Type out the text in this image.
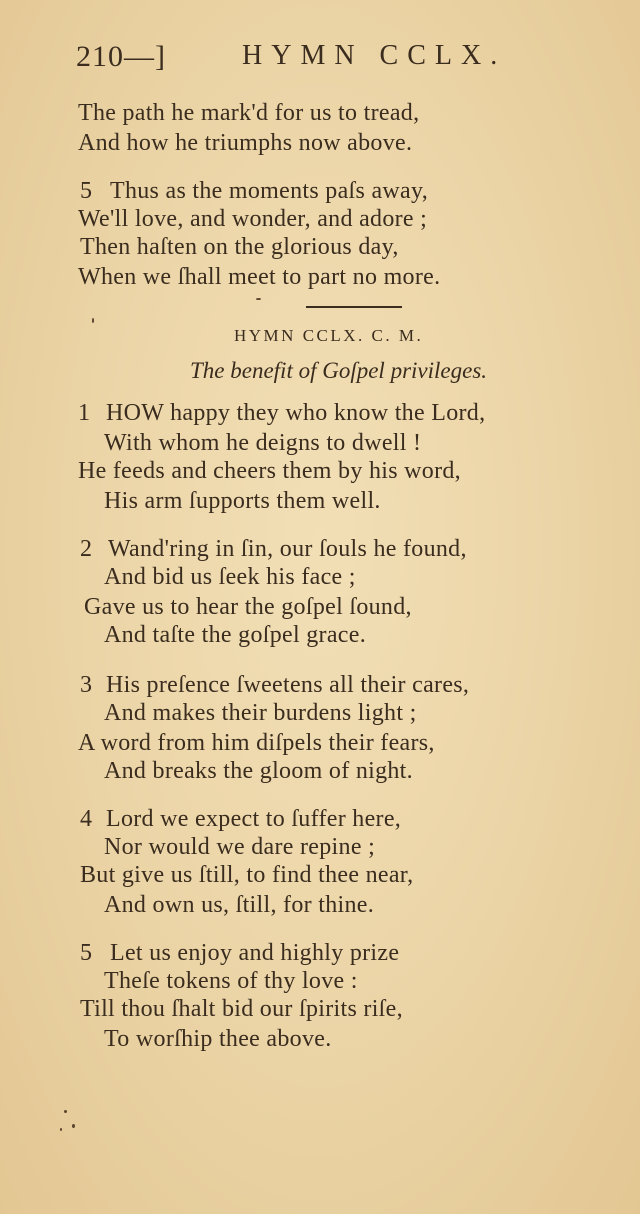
210—]	HYMN CCLX.
The path he mark'd for us to tread,
And how he triumphs now above.
5 Thus as the moments paſs away,
We'll love, and wonder, and adore ;
Then haſten on the glorious day,
When we ſhall meet to part no more.
HYMN CCLX. C. M.
The benefit of Goſpel privileges.
1 HOW happy they who know the Lord,
With whom he deigns to dwell !
He feeds and cheers them by his word,
His arm ſupports them well.
2 Wand'ring in ſin, our ſouls he found,
And bid us ſeek his face ;
Gave us to hear the goſpel ſound,
And taſte the goſpel grace.
3 His preſence ſweetens all their cares,
And makes their burdens light ;
A word from him diſpels their fears,
And breaks the gloom of night.
4 Lord we expect to ſuffer here,
Nor would we dare repine ;
But give us ſtill, to find thee near,
And own us, ſtill, for thine.
5 Let us enjoy and highly prize
Theſe tokens of thy love :
Till thou ſhalt bid our ſpirits riſe,
To worſhip thee above.
